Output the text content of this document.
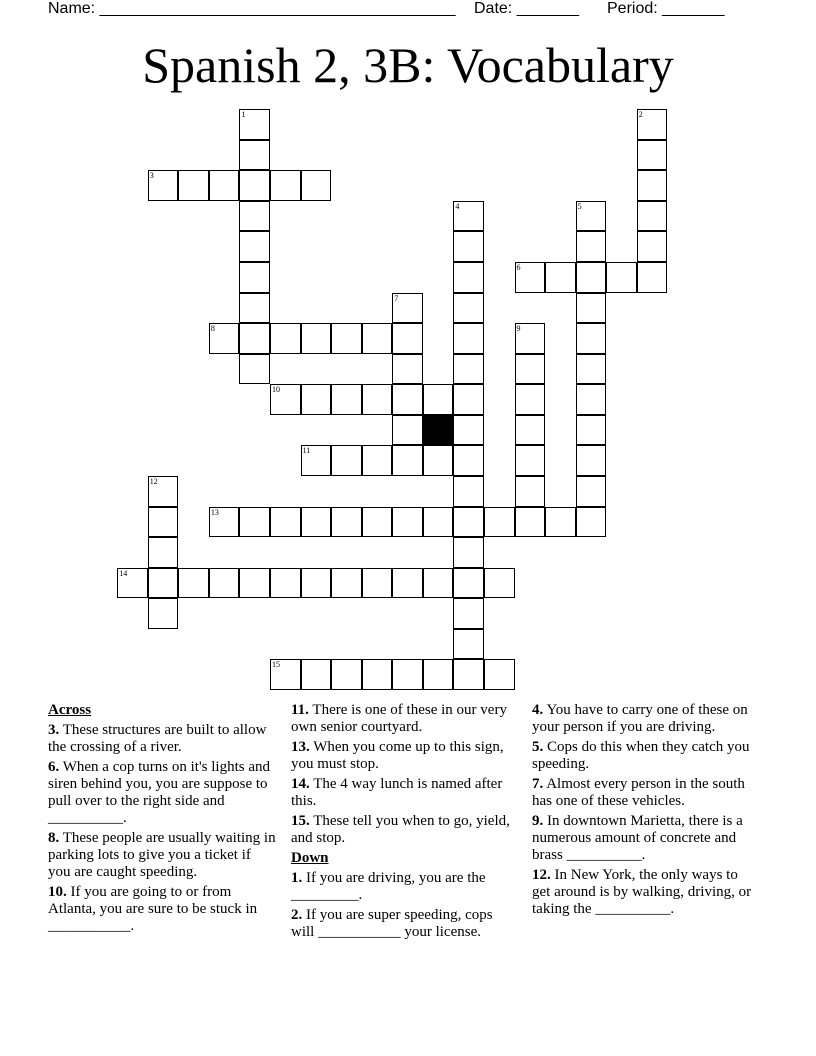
Name: ________________________________________ Date: _______ Period: _______
Spanish 2, 3B: Vocabulary
1	2
3
4	5
6
7
8	9
10
11
12
13
14
15
Across
3. These structures are built to allow the crossing of a river.
6. When a cop turns on it's lights and siren behind you, you are suppose to pull over to the right side and __________.
8. These people are usually waiting in parking lots to give you a ticket if you are caught speeding.
10. If you are going to or from Atlanta, you are sure to be stuck in ___________.
11. There is one of these in our very own senior courtyard.
13. When you come up to this sign, you must stop.
14. The 4 way lunch is named after this.
15. These tell you when to go, yield, and stop.
Down
1. If you are driving, you are the _________.
2. If you are super speeding, cops will ___________ your license.
4. You have to carry one of these on your person if you are driving.
5. Cops do this when they catch you speeding.
7. Almost every person in the south has one of these vehicles.
9. In downtown Marietta, there is a numerous amount of concrete and brass __________.
12. In New York, the only ways to get around is by walking, driving, or taking the __________.
